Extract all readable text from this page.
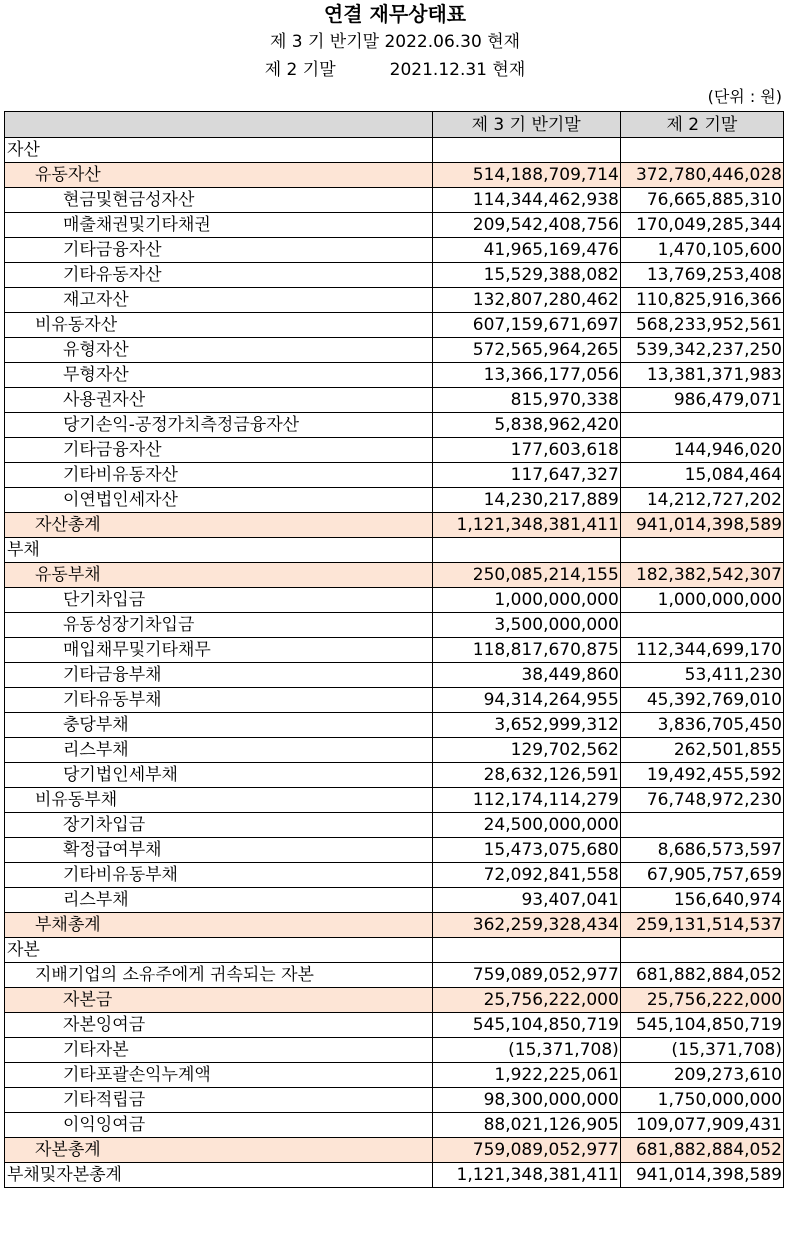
연결 재무상태표
제 3 기 반기말 2022.06.30 현재
제 2 기말          2021.12.31 현재
(단위 : 원)
	제 3 기 반기말	제 2 기말
자산		
유동자산	514,188,709,714	372,780,446,028
현금및현금성자산	114,344,462,938	76,665,885,310
매출채권및기타채권	209,542,408,756	170,049,285,344
기타금융자산	41,965,169,476	1,470,105,600
기타유동자산	15,529,388,082	13,769,253,408
재고자산	132,807,280,462	110,825,916,366
비유동자산	607,159,671,697	568,233,952,561
유형자산	572,565,964,265	539,342,237,250
무형자산	13,366,177,056	13,381,371,983
사용권자산	815,970,338	986,479,071
당기손익-공정가치측정금융자산	5,838,962,420	
기타금융자산	177,603,618	144,946,020
기타비유동자산	117,647,327	15,084,464
이연법인세자산	14,230,217,889	14,212,727,202
자산총계	1,121,348,381,411	941,014,398,589
부채		
유동부채	250,085,214,155	182,382,542,307
단기차입금	1,000,000,000	1,000,000,000
유동성장기차입금	3,500,000,000	
매입채무및기타채무	118,817,670,875	112,344,699,170
기타금융부채	38,449,860	53,411,230
기타유동부채	94,314,264,955	45,392,769,010
충당부채	3,652,999,312	3,836,705,450
리스부채	129,702,562	262,501,855
당기법인세부채	28,632,126,591	19,492,455,592
비유동부채	112,174,114,279	76,748,972,230
장기차입금	24,500,000,000	
확정급여부채	15,473,075,680	8,686,573,597
기타비유동부채	72,092,841,558	67,905,757,659
리스부채	93,407,041	156,640,974
부채총계	362,259,328,434	259,131,514,537
자본		
지배기업의 소유주에게 귀속되는 자본	759,089,052,977	681,882,884,052
자본금	25,756,222,000	25,756,222,000
자본잉여금	545,104,850,719	545,104,850,719
기타자본	(15,371,708)	(15,371,708)
기타포괄손익누계액	1,922,225,061	209,273,610
기타적립금	98,300,000,000	1,750,000,000
이익잉여금	88,021,126,905	109,077,909,431
자본총계	759,089,052,977	681,882,884,052
부채및자본총계	1,121,348,381,411	941,014,398,589
